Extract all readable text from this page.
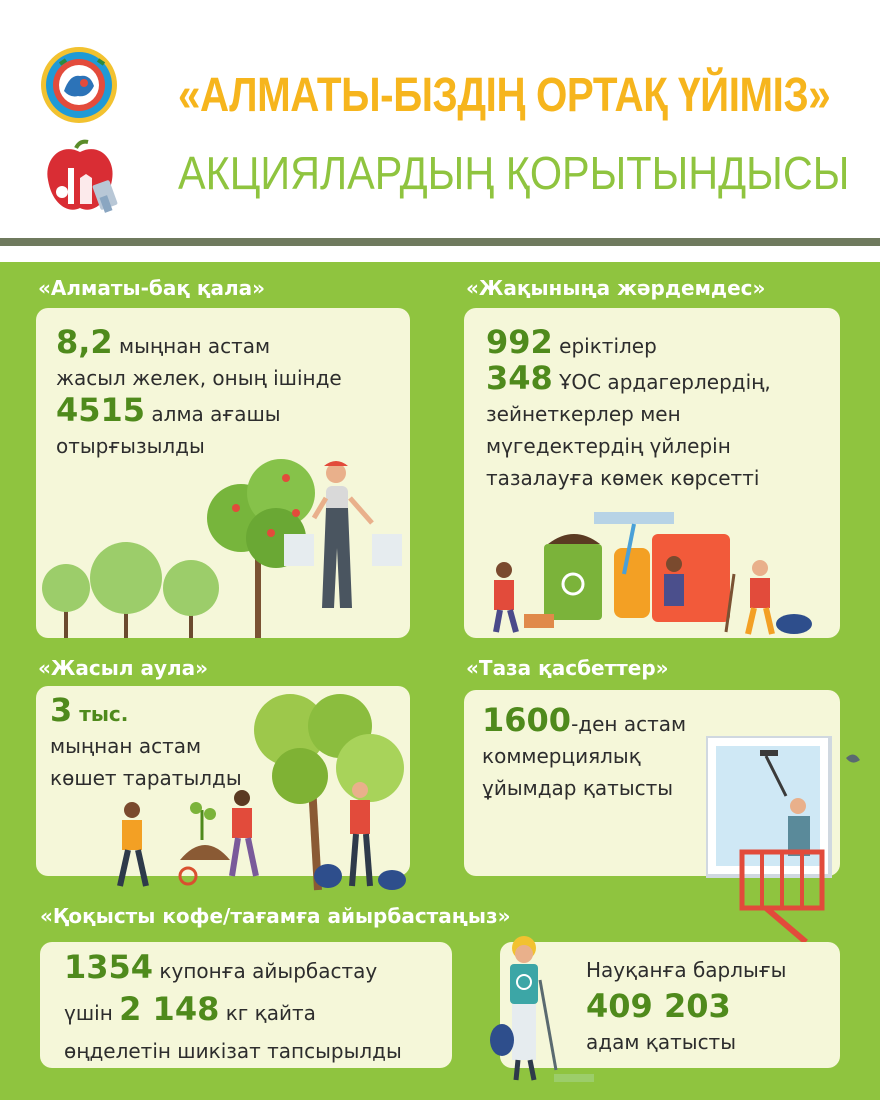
«АЛМАТЫ-БІЗДІҢ ОРТАҚ ҮЙІМІЗ»
АКЦИЯЛАРДЫҢ ҚОРЫТЫНДЫСЫ
«Алматы-бақ қала»
8,2 мыңнан астам
жасыл желек, оның ішінде
4515 алма ағашы
отырғызылды
«Жақыныңа жәрдемдес»
992 еріктілер
348 ҰОС ардагерлердің,
зейнеткерлер мен
мүгедектердің үйлерін
тазалауға көмек көрсетті
«Жасыл аула»
3 тыс.
мыңнан астам
көшет таратылды
«Таза қасбеттер»
1600-ден астам
коммерциялық
ұйымдар қатысты
«Қоқысты кофе/тағамға айырбастаңыз»
1354 купонға айырбастау
үшін 2 148 кг қайта
өңделетін шикізат тапсырылды
Науқанға барлығы
409 203
адам қатысты
